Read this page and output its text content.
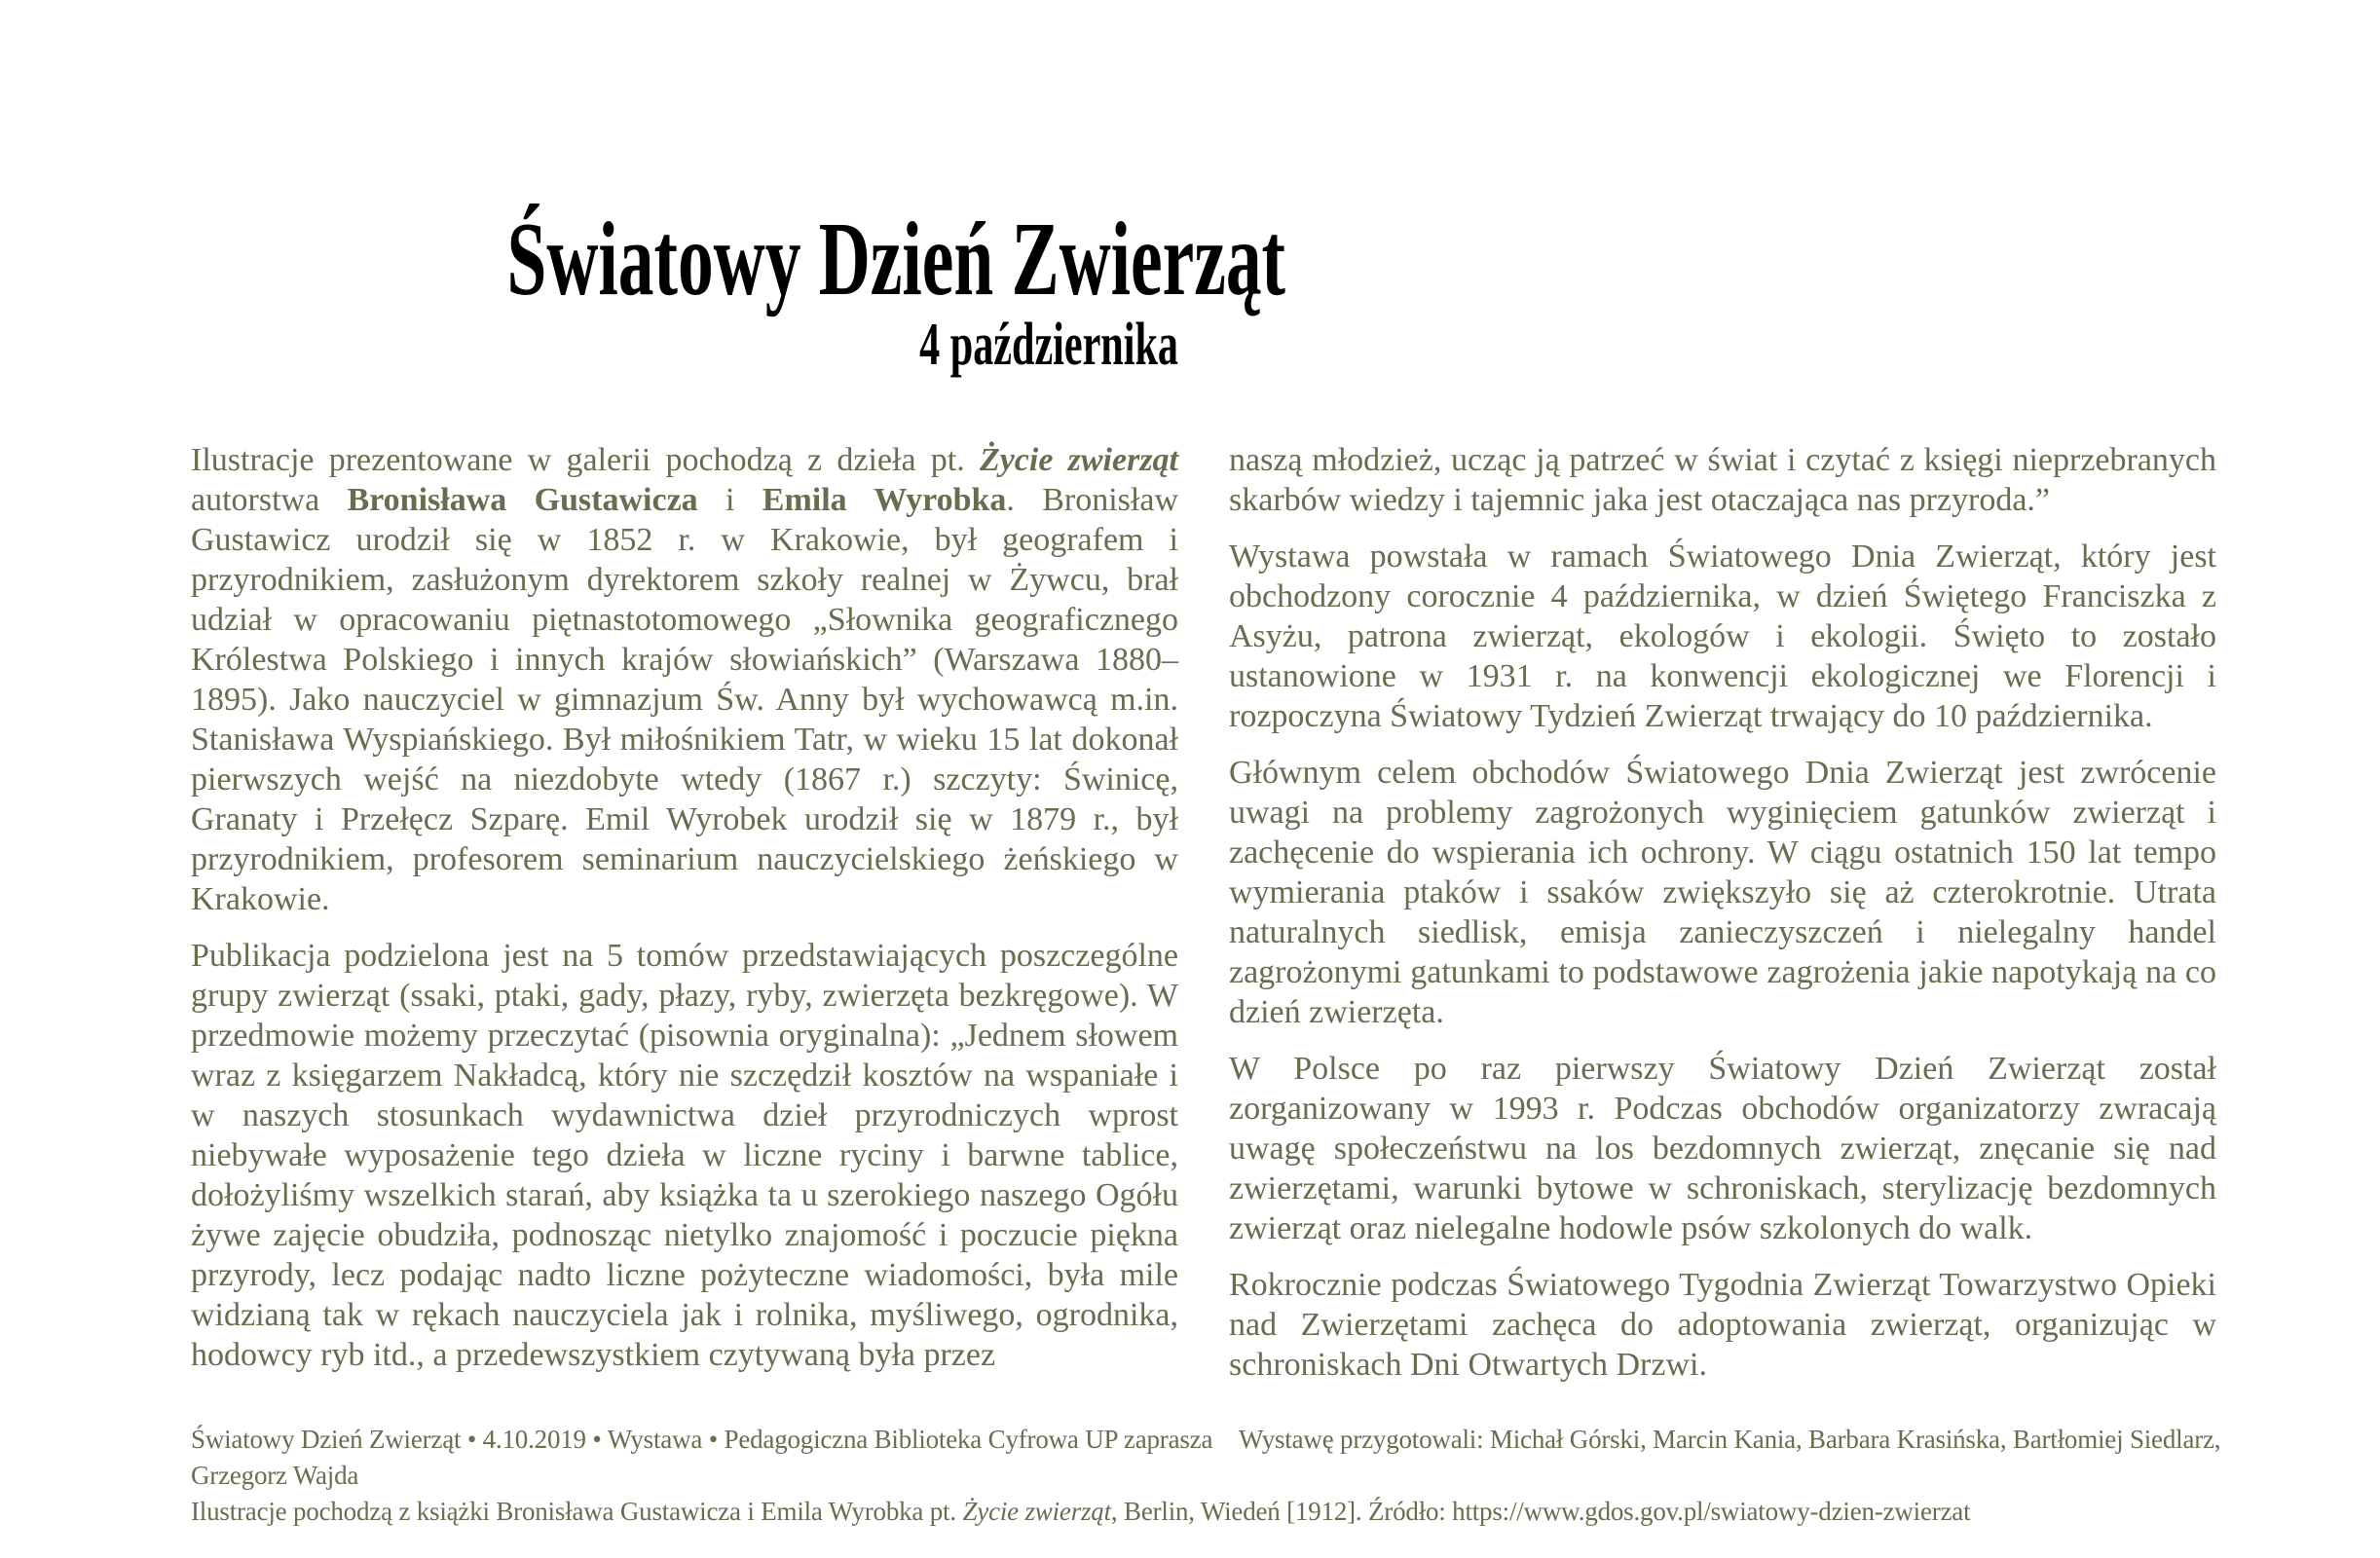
Światowy Dzień Zwierząt
4 października

Ilustracje prezentowane w galerii pochodzą z dzieła pt. Życie zwierząt autorstwa Bronisława Gustawicza i Emila Wyrobka. Bronisław Gustawicz urodził się w 1852 r. w Krakowie, był geografem i przyrodnikiem, zasłużonym dyrektorem szkoły realnej w Żywcu, brał udział w opracowaniu piętnastotomowego „Słownika geograficznego Królestwa Polskiego i innych krajów słowiańskich” (Warszawa 1880–1895). Jako nauczyciel w gimnazjum Św. Anny był wychowawcą m.in. Stanisława Wyspiańskiego. Był miłośnikiem Tatr, w wieku 15 lat dokonał pierwszych wejść na niezdobyte wtedy (1867 r.) szczyty: Świnicę, Granaty i Przełęcz Szparę. Emil Wyrobek urodził się w 1879 r., był przyrodnikiem, profesorem seminarium nauczycielskiego żeńskiego w Krakowie.

Publikacja podzielona jest na 5 tomów przedstawiających poszczególne grupy zwierząt (ssaki, ptaki, gady, płazy, ryby, zwierzęta bezkręgowe). W przedmowie możemy przeczytać (pisownia oryginalna): „Jednem słowem wraz z księgarzem Nakładcą, który nie szczędził kosztów na wspaniałe i w naszych stosunkach wydawnictwa dzieł przyrodniczych wprost niebywałe wyposażenie tego dzieła w liczne ryciny i barwne tablice, dołożyliśmy wszelkich starań, aby książka ta u szerokiego naszego Ogółu żywe zajęcie obudziła, podnosząc nietylko znajomość i poczucie piękna przyrody, lecz podając nadto liczne pożyteczne wiadomości, była mile widzianą tak w rękach nauczyciela jak i rolnika, myśliwego, ogrodnika, hodowcy ryb itd., a przedewszystkiem czytywaną była przez

naszą młodzież, ucząc ją patrzeć w świat i czytać z księgi nieprzebranych skarbów wiedzy i tajemnic jaka jest otaczająca nas przyroda.”

Wystawa powstała w ramach Światowego Dnia Zwierząt, który jest obchodzony corocznie 4 października, w dzień Świętego Franciszka z Asyżu, patrona zwierząt, ekologów i ekologii. Święto to zostało ustanowione w 1931 r. na konwencji ekologicznej we Florencji i rozpoczyna Światowy Tydzień Zwierząt trwający do 10 października.

Głównym celem obchodów Światowego Dnia Zwierząt jest zwrócenie uwagi na problemy zagrożonych wyginięciem gatunków zwierząt i zachęcenie do wspierania ich ochrony. W ciągu ostatnich 150 lat tempo wymierania ptaków i ssaków zwiększyło się aż czterokrotnie. Utrata naturalnych siedlisk, emisja zanieczyszczeń i nielegalny handel zagrożonymi gatunkami to podstawowe zagrożenia jakie napotykają na co dzień zwierzęta.

W Polsce po raz pierwszy Światowy Dzień Zwierząt został zorganizowany w 1993 r. Podczas obchodów organizatorzy zwracają uwagę społeczeństwu na los bezdomnych zwierząt, znęcanie się nad zwierzętami, warunki bytowe w schroniskach, sterylizację bezdomnych zwierząt oraz nielegalne hodowle psów szkolonych do walk.

Rokrocznie podczas Światowego Tygodnia Zwierząt Towarzystwo Opieki nad Zwierzętami zachęca do adoptowania zwierząt, organizując w schroniskach Dni Otwartych Drzwi.

Światowy Dzień Zwierząt • 4.10.2019 • Wystawa • Pedagogiczna Biblioteka Cyfrowa UP zaprasza Wystawę przygotowali: Michał Górski, Marcin Kania, Barbara Krasińska, Bartłomiej Siedlarz, Grzegorz Wajda

Ilustracje pochodzą z książki Bronisława Gustawicza i Emila Wyrobka pt. Życie zwierząt, Berlin, Wiedeń [1912]. Źródło: https://www.gdos.gov.pl/swiatowy-dzien-zwierzat
